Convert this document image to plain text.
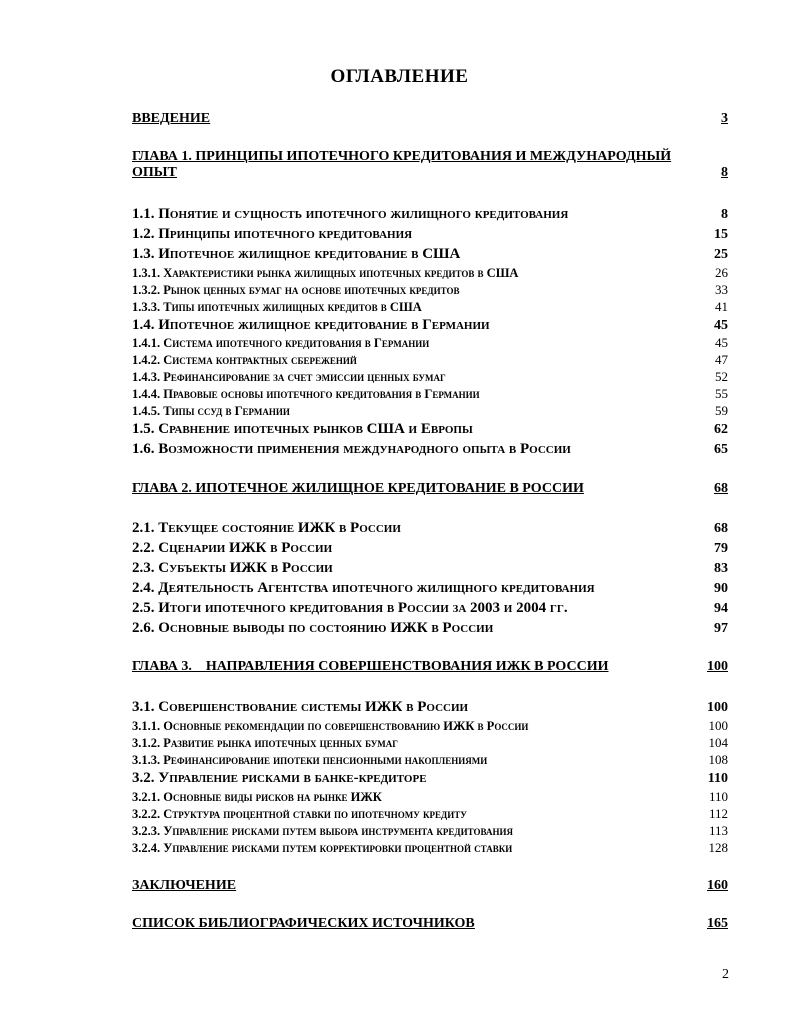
ОГЛАВЛЕНИЕ
ВВЕДЕНИЕ	3
ГЛАВА 1. ПРИНЦИПЫ ИПОТЕЧНОГО КРЕДИТОВАНИЯ И МЕЖДУНАРОДНЫЙ
ОПЫТ	8
1.1. Понятие и сущность ипотечного жилищного кредитования	8
1.2. Принципы ипотечного кредитования	15
1.3. Ипотечное жилищное кредитование в США	25
1.3.1. Характеристики рынка жилищных ипотечных кредитов в США	26
1.3.2. Рынок ценных бумаг на основе ипотечных кредитов	33
1.3.3. Типы ипотечных жилищных кредитов в США	41
1.4. Ипотечное жилищное кредитование в Германии	45
1.4.1. Система ипотечного кредитования в Германии	45
1.4.2. Система контрактных сбережений	47
1.4.3. Рефинансирование за счет эмиссии ценных бумаг	52
1.4.4. Правовые основы ипотечного кредитования в Германии	55
1.4.5. Типы ссуд в Германии	59
1.5. Сравнение ипотечных рынков США и Европы	62
1.6. Возможности применения международного опыта в России	65
ГЛАВА 2. ИПОТЕЧНОЕ ЖИЛИЩНОЕ КРЕДИТОВАНИЕ В РОССИИ	68
2.1. Текущее состояние ИЖК в России	68
2.2. Сценарии ИЖК в России	79
2.3. Субъекты ИЖК в России	83
2.4. Деятельность Агентства ипотечного жилищного кредитования	90
2.5. Итоги ипотечного кредитования в России за 2003 и 2004 гг.	94
2.6. Основные выводы по состоянию ИЖК в России	97
ГЛАВА 3.    НАПРАВЛЕНИЯ СОВЕРШЕНСТВОВАНИЯ ИЖК В РОССИИ	100
3.1. Совершенствование системы ИЖК в России	100
3.1.1. Основные рекомендации по совершенствованию ИЖК в России	100
3.1.2. Развитие рынка ипотечных ценных бумаг	104
3.1.3. Рефинансирование ипотеки пенсионными накоплениями	108
3.2. Управление рисками в банке-кредиторе	110
3.2.1. Основные виды рисков на рынке ИЖК	110
3.2.2. Структура процентной ставки по ипотечному кредиту	112
3.2.3. Управление рисками путем выбора инструмента кредитования	113
3.2.4. Управление рисками путем корректировки процентной ставки	128
ЗАКЛЮЧЕНИЕ	160
СПИСОК БИБЛИОГРАФИЧЕСКИХ ИСТОЧНИКОВ	165
2
